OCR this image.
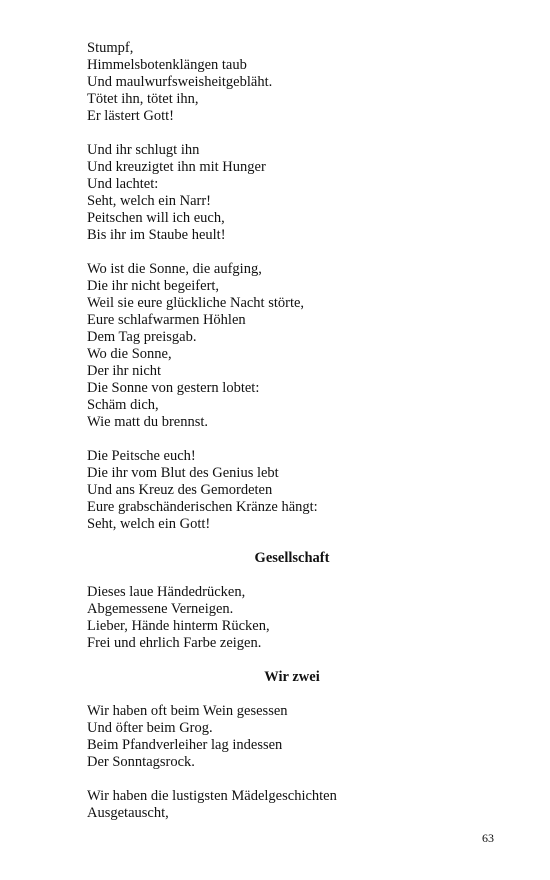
Stumpf,
Himmelsbotenklängen taub
Und maulwurfsweisheitgebläht.
Tötet ihn, tötet ihn,
Er lästert Gott!
Und ihr schlugt ihn
Und kreuzigtet ihn mit Hunger
Und lachtet:
Seht, welch ein Narr!
Peitschen will ich euch,
Bis ihr im Staube heult!
Wo ist die Sonne, die aufging,
Die ihr nicht begeifert,
Weil sie eure glückliche Nacht störte,
Eure schlafwarmen Höhlen
Dem Tag preisgab.
Wo die Sonne,
Der ihr nicht
Die Sonne von gestern lobtet:
Schäm dich,
Wie matt du brennst.
Die Peitsche euch!
Die ihr vom Blut des Genius lebt
Und ans Kreuz des Gemordeten
Eure grabschänderischen Kränze hängt:
Seht, welch ein Gott!
Gesellschaft
Dieses laue Händedrücken,
Abgemessene Verneigen.
Lieber, Hände hinterm Rücken,
Frei und ehrlich Farbe zeigen.
Wir zwei
Wir haben oft beim Wein gesessen
Und öfter beim Grog.
Beim Pfandverleiher lag indessen
Der Sonntagsrock.
Wir haben die lustigsten Mädelgeschichten
Ausgetauscht,
63
